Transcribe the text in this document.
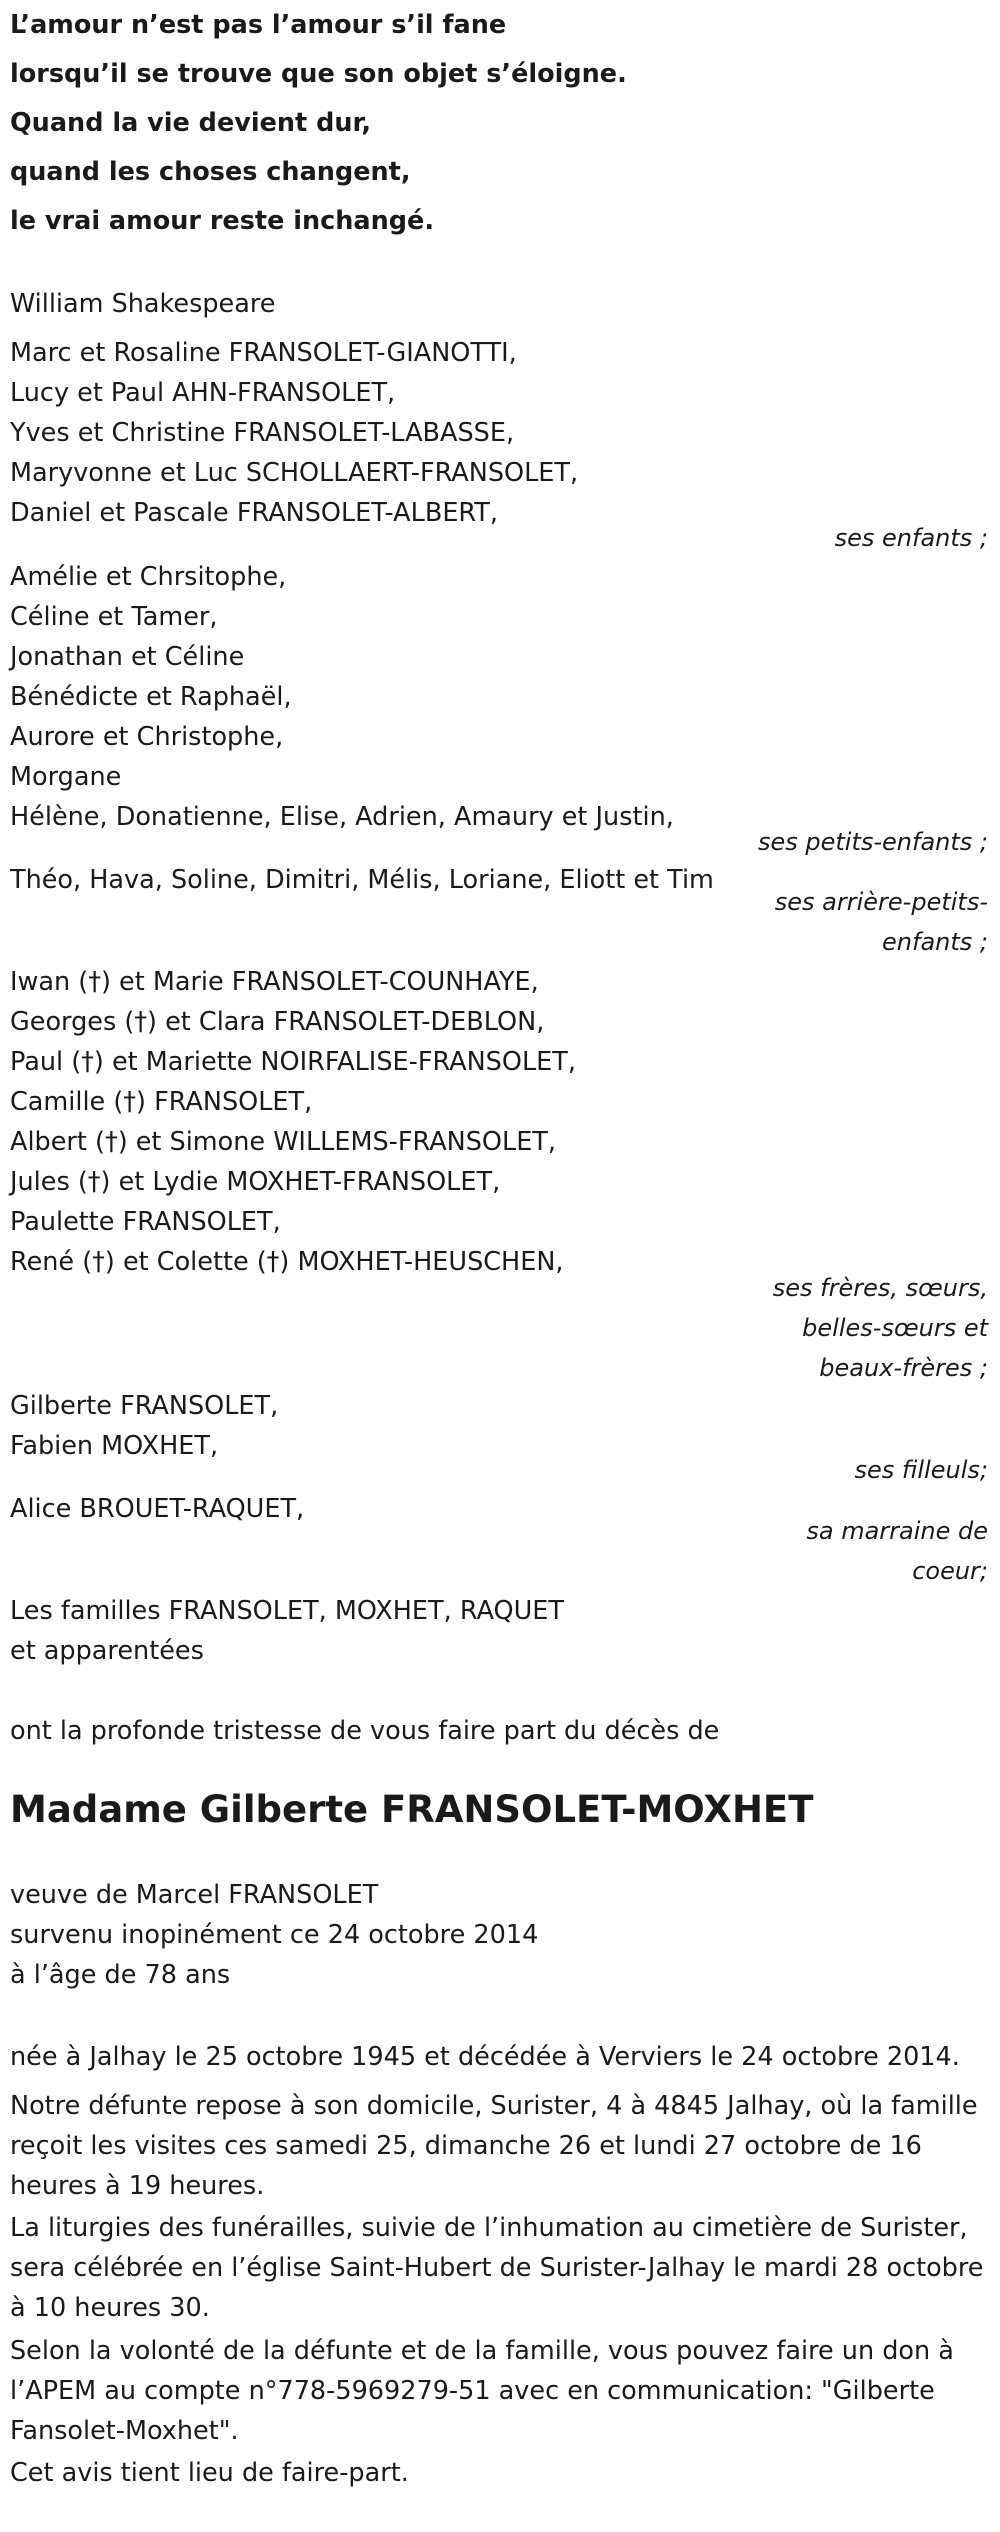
L’amour n’est pas l’amour s’il fane
lorsqu’il se trouve que son objet s’éloigne.
Quand la vie devient dur,
quand les choses changent,
le vrai amour reste inchangé.
William Shakespeare
Marc et Rosaline FRANSOLET-GIANOTTI,
Lucy et Paul AHN-FRANSOLET,
Yves et Christine FRANSOLET-LABASSE,
Maryvonne et Luc SCHOLLAERT-FRANSOLET,
Daniel et Pascale FRANSOLET-ALBERT,
ses enfants ;
Amélie et Chrsitophe,
Céline et Tamer,
Jonathan et Céline
Bénédicte et Raphaël,
Aurore et Christophe,
Morgane
Hélène, Donatienne, Elise, Adrien, Amaury et Justin,
ses petits-enfants ;
Théo, Hava, Soline, Dimitri, Mélis, Loriane, Eliott et Tim
ses arrière-petits-enfants ;
Iwan (†) et Marie FRANSOLET-COUNHAYE,
Georges (†) et Clara FRANSOLET-DEBLON,
Paul (†) et Mariette NOIRFALISE-FRANSOLET,
Camille (†) FRANSOLET,
Albert (†) et Simone WILLEMS-FRANSOLET,
Jules (†) et Lydie MOXHET-FRANSOLET,
Paulette FRANSOLET,
René (†) et Colette (†) MOXHET-HEUSCHEN,
ses frères, sœurs, belles-sœurs et beaux-frères ;
Gilberte FRANSOLET,
Fabien MOXHET,
ses filleuls;
Alice BROUET-RAQUET,
sa marraine de coeur;
Les familles FRANSOLET, MOXHET, RAQUET
et apparentées
ont la profonde tristesse de vous faire part du décès de
Madame Gilberte FRANSOLET-MOXHET
veuve de Marcel FRANSOLET
survenu inopinément ce 24 octobre 2014
à l’âge de 78 ans
née à Jalhay le 25 octobre 1945 et décédée à Verviers le 24 octobre 2014.
Notre défunte repose à son domicile, Surister, 4 à 4845 Jalhay, où la famille reçoit les visites ces samedi 25, dimanche 26 et lundi 27 octobre de 16 heures à 19 heures.
La liturgies des funérailles, suivie de l’inhumation au cimetière de Surister, sera célébrée en l’église Saint-Hubert de Surister-Jalhay le mardi 28 octobre à 10 heures 30.
Selon la volonté de la défunte et de la famille, vous pouvez faire un don à l’APEM au compte n°778-5969279-51 avec en communication: "Gilberte Fansolet-Moxhet".
Cet avis tient lieu de faire-part.
